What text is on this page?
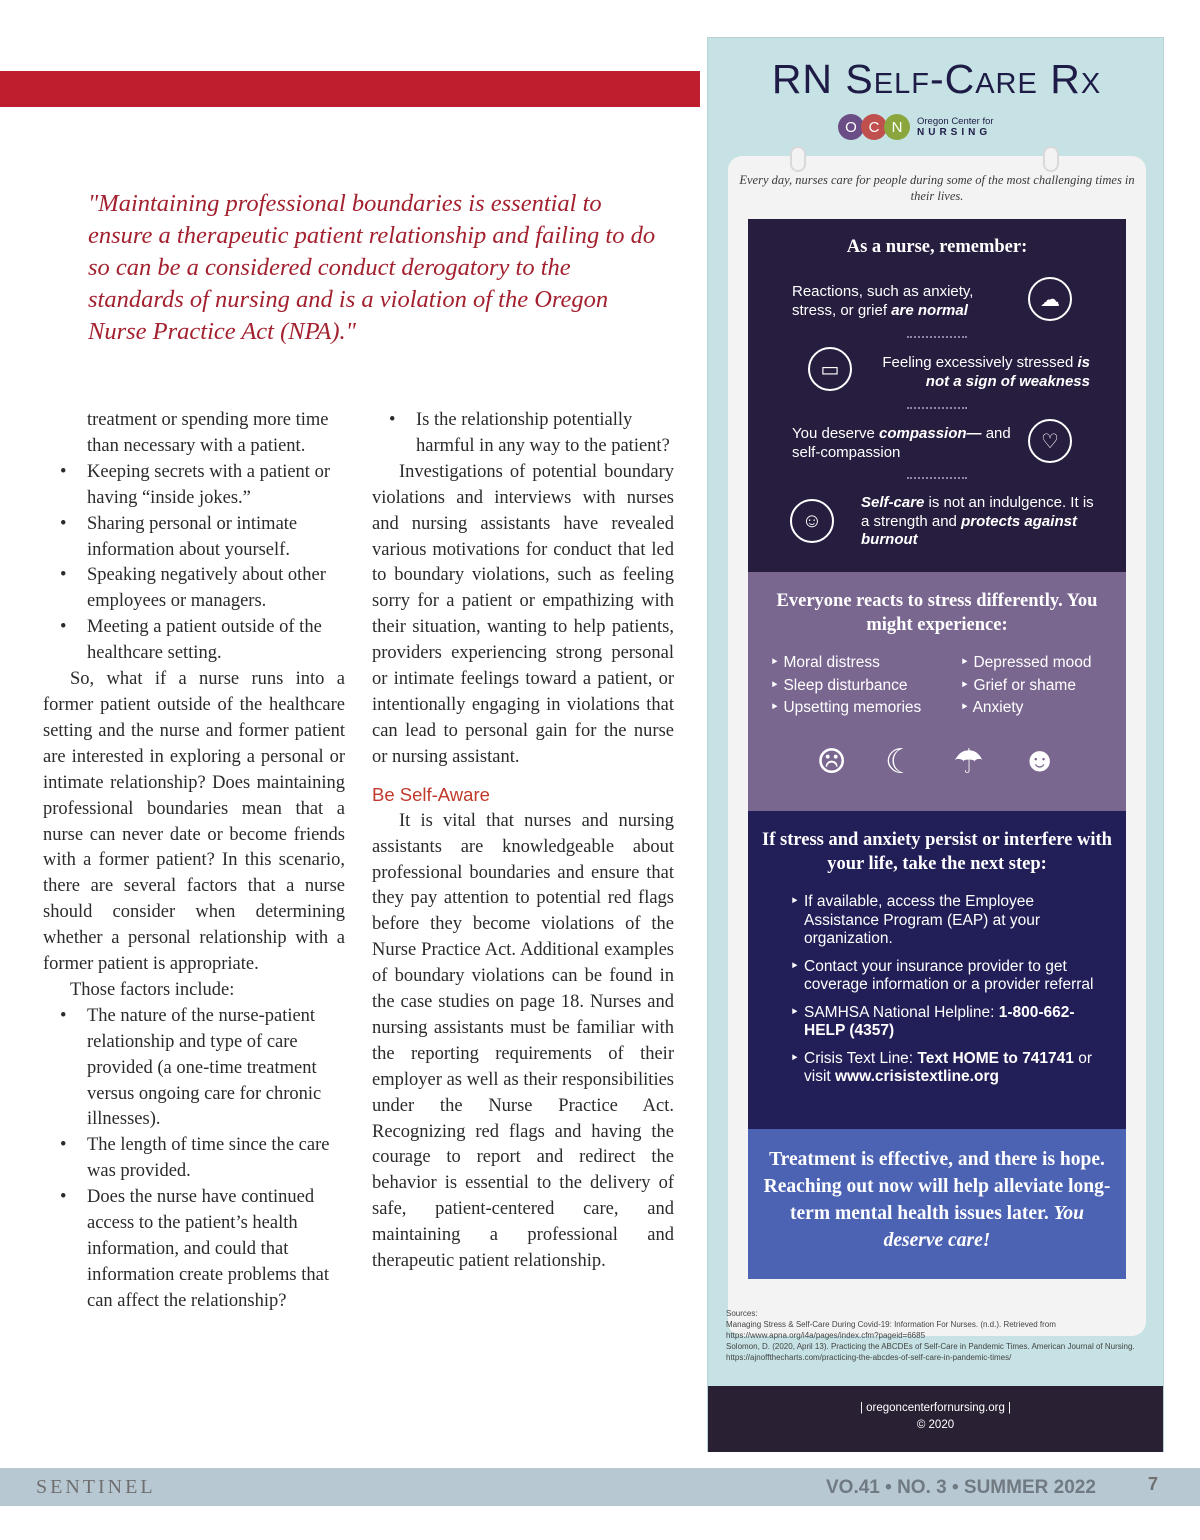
"Maintaining professional boundaries is essential to ensure a therapeutic patient relationship and failing to do so can be a considered conduct derogatory to the standards of nursing and is a violation of the Oregon Nurse Practice Act (NPA)."

treatment or spending more time than necessary with a patient.

• Keeping secrets with a patient or having “inside jokes.”
• Sharing personal or intimate information about yourself.
• Speaking negatively about other employees or managers.
• Meeting a patient outside of the healthcare setting.

So, what if a nurse runs into a former patient outside of the healthcare setting and the nurse and former patient are interested in exploring a personal or intimate relationship? Does maintaining professional boundaries mean that a nurse can never date or become friends with a former patient? In this scenario, there are several factors that a nurse should consider when determining whether a personal relationship with a former patient is appropriate.

Those factors include:

• The nature of the nurse-patient relationship and type of care provided (a one-time treatment versus ongoing care for chronic illnesses).
• The length of time since the care was provided.
• Does the nurse have continued access to the patient’s health information, and could that information create problems that can affect the relationship?
• Is the relationship potentially harmful in any way to the patient?

Investigations of potential boundary violations and interviews with nurses and nursing assistants have revealed various motivations for conduct that led to boundary violations, such as feeling sorry for a patient or empathizing with their situation, wanting to help patients, providers experiencing strong personal or intimate feelings toward a patient, or intentionally engaging in violations that can lead to personal gain for the nurse or nursing assistant.

Be Self-Aware

It is vital that nurses and nursing assistants are knowledgeable about professional boundaries and ensure that they pay attention to potential red flags before they become violations of the Nurse Practice Act. Additional examples of boundary violations can be found in the case studies on page 18. Nurses and nursing assistants must be familiar with the reporting requirements of their employer as well as their responsibilities under the Nurse Practice Act. Recognizing red flags and having the courage to report and redirect the behavior is essential to the delivery of safe, patient-centered care, and maintaining a professional and therapeutic patient relationship.

RN Self-Care Rx
O C N	Oregon Center for
NURSING
Every day, nurses care for people during some of the most challenging times in their lives.
As a nurse, remember:
Reactions, such as anxiety, stress, or grief are normal	☁
▭	Feeling excessively stressed is not a sign of weakness
You deserve compassion— and self-compassion	♡
☺
Self-care is not an indulgence. It is a strength and protects against burnout
Everyone reacts to stress differently. You might experience:
‣ Moral distress
‣ Sleep disturbance
‣ Upsetting memories
‣ Depressed mood
‣ Grief or shame
‣ Anxiety
☹ ☾ ☂ ☻
If stress and anxiety persist or interfere with your life, take the next step:
‣ If available, access the Employee Assistance Program (EAP) at your organization.
‣ Contact your insurance provider to get coverage information or a provider referral
‣ SAMHSA National Helpline: 1-800-662-HELP (4357)
‣ Crisis Text Line: Text HOME to 741741 or visit www.crisistextline.org
Treatment is effective, and there is hope. Reaching out now will help alleviate long-term mental health issues later. You deserve care!
Sources:
Managing Stress & Self-Care During Covid-19: Information For Nurses. (n.d.). Retrieved from https://www.apna.org/i4a/pages/index.cfm?pageid=6685
Solomon, D. (2020, April 13). Practicing the ABCDEs of Self-Care in Pandemic Times. American Journal of Nursing. https://ajnoffthecharts.com/practicing-the-abcdes-of-self-care-in-pandemic-times/
| oregoncenterfornursing.org |
© 2020
SENTINEL	VO.41 • NO. 3 • SUMMER 2022	7
